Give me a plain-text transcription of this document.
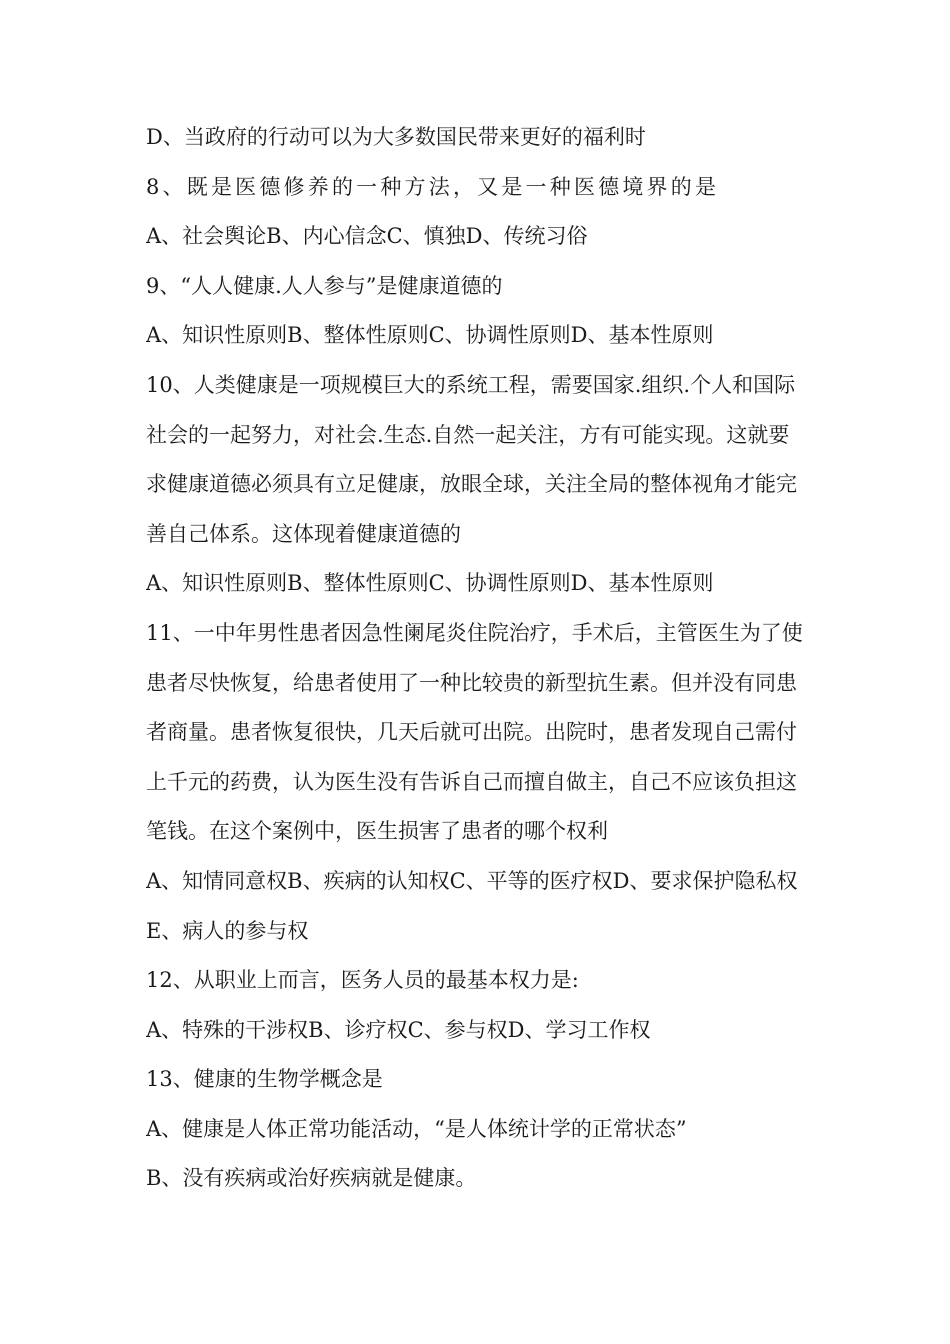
D、当政府的行动可以为大多数国民带来更好的福利时
8、既是医德修养的一种方法，又是一种医德境界的是
A、社会舆论B、内心信念C、慎独D、传统习俗
9、“人人健康.人人参与”是健康道德的
A、知识性原则B、整体性原则C、协调性原则D、基本性原则
10、人类健康是一项规模巨大的系统工程，需要国家.组织.个人和国际
社会的一起努力，对社会.生态.自然一起关注，方有可能实现。这就要
求健康道德必须具有立足健康，放眼全球，关注全局的整体视角才能完
善自己体系。这体现着健康道德的
A、知识性原则B、整体性原则C、协调性原则D、基本性原则
11、一中年男性患者因急性阑尾炎住院治疗，手术后，主管医生为了使
患者尽快恢复，给患者使用了一种比较贵的新型抗生素。但并没有同患
者商量。患者恢复很快，几天后就可出院。出院时，患者发现自己需付
上千元的药费，认为医生没有告诉自己而擅自做主，自己不应该负担这
笔钱。在这个案例中，医生损害了患者的哪个权利
A、知情同意权B、疾病的认知权C、平等的医疗权D、要求保护隐私权
E、病人的参与权
12、从职业上而言，医务人员的最基本权力是:
A、特殊的干涉权B、诊疗权C、参与权D、学习工作权
13、健康的生物学概念是
A、健康是人体正常功能活动，“是人体统计学的正常状态”
B、没有疾病或治好疾病就是健康。
